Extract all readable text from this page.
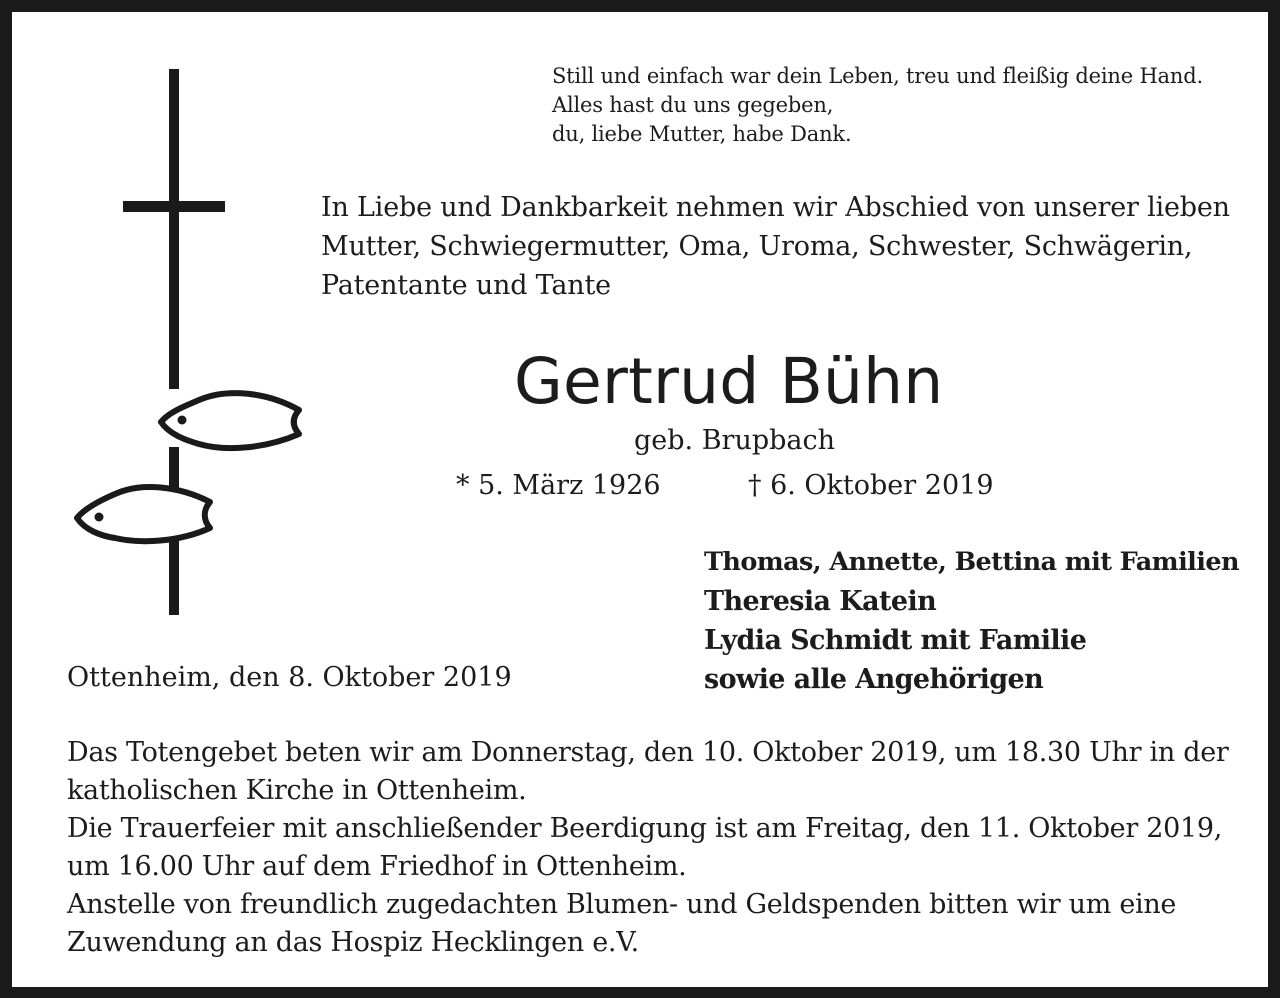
Still und einfach war dein Leben, treu und fleißig deine Hand.
Alles hast du uns gegeben,
du, liebe Mutter, habe Dank.
In Liebe und Dankbarkeit nehmen wir Abschied von unserer lieben
Mutter, Schwiegermutter, Oma, Uroma, Schwester, Schwägerin,
Patentante und Tante
Gertrud Bühn
geb. Brupbach
* 5. März 1926	† 6. Oktober 2019
Thomas, Annette, Bettina mit Familien
Theresia Katein
Lydia Schmidt mit Familie
sowie alle Angehörigen
Ottenheim, den 8. Oktober 2019
Das Totengebet beten wir am Donnerstag, den 10. Oktober 2019, um 18.30 Uhr in der
katholischen Kirche in Ottenheim.
Die Trauerfeier mit anschließender Beerdigung ist am Freitag, den 11. Oktober 2019,
um 16.00 Uhr auf dem Friedhof in Ottenheim.
Anstelle von freundlich zugedachten Blumen- und Geldspenden bitten wir um eine
Zuwendung an das Hospiz Hecklingen e.V.
